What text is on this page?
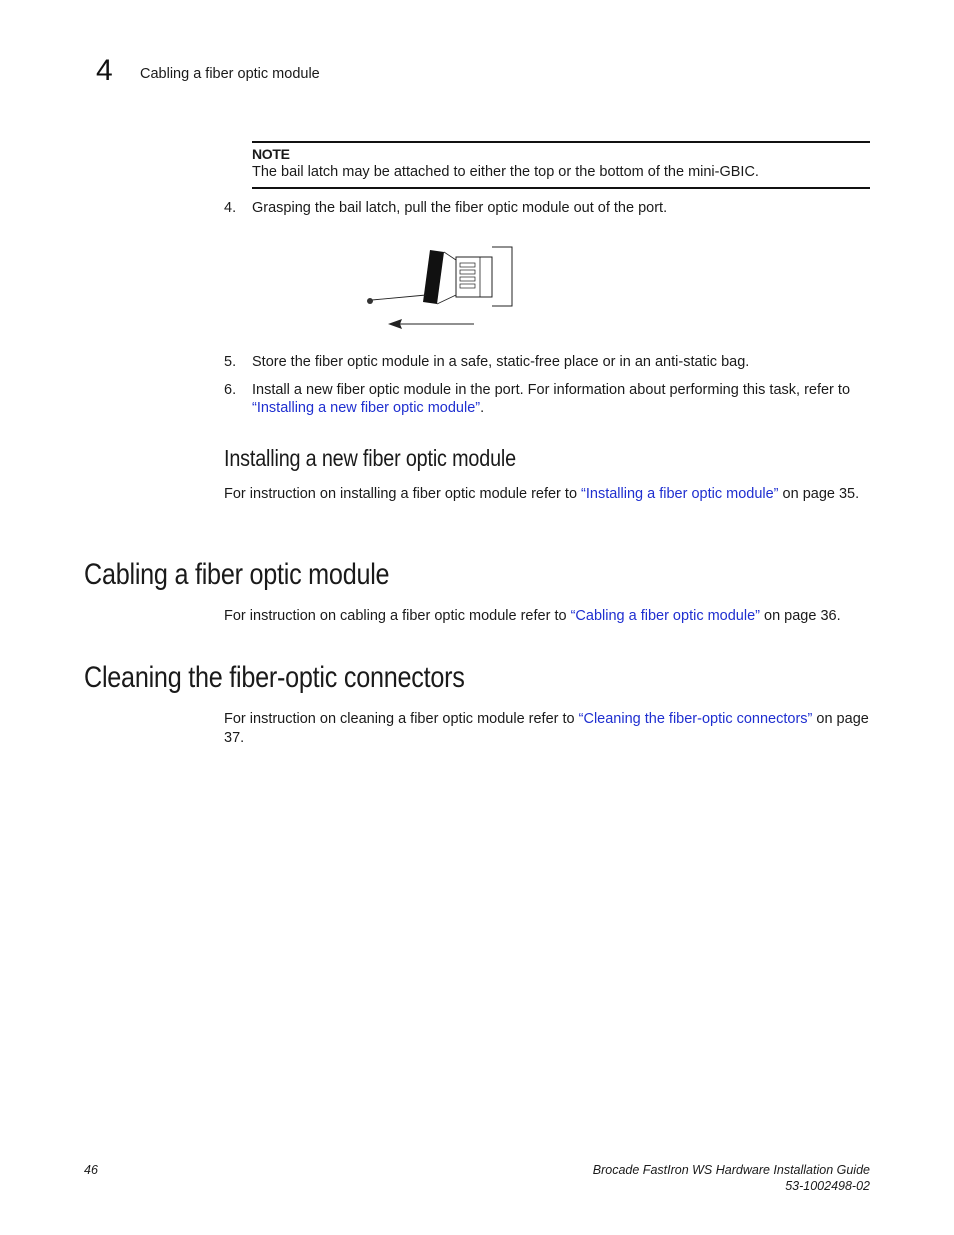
4 Cabling a fiber optic module
NOTE
The bail latch may be attached to either the top or the bottom of the mini-GBIC.
4. Grasping the bail latch, pull the fiber optic module out of the port.
5. Store the fiber optic module in a safe, static-free place or in an anti-static bag.
6. Install a new fiber optic module in the port. For information about performing this task, refer to “Installing a new fiber optic module”.
Installing a new fiber optic module
For instruction on installing a fiber optic module refer to “Installing a fiber optic module” on page 35.
Cabling a fiber optic module
For instruction on cabling a fiber optic module refer to “Cabling a fiber optic module” on page 36.
Cleaning the fiber-optic connectors
For instruction on cleaning a fiber optic module refer to “Cleaning the fiber-optic connectors” on page 37.
46	Brocade FastIron WS Hardware Installation Guide
53-1002498-02
